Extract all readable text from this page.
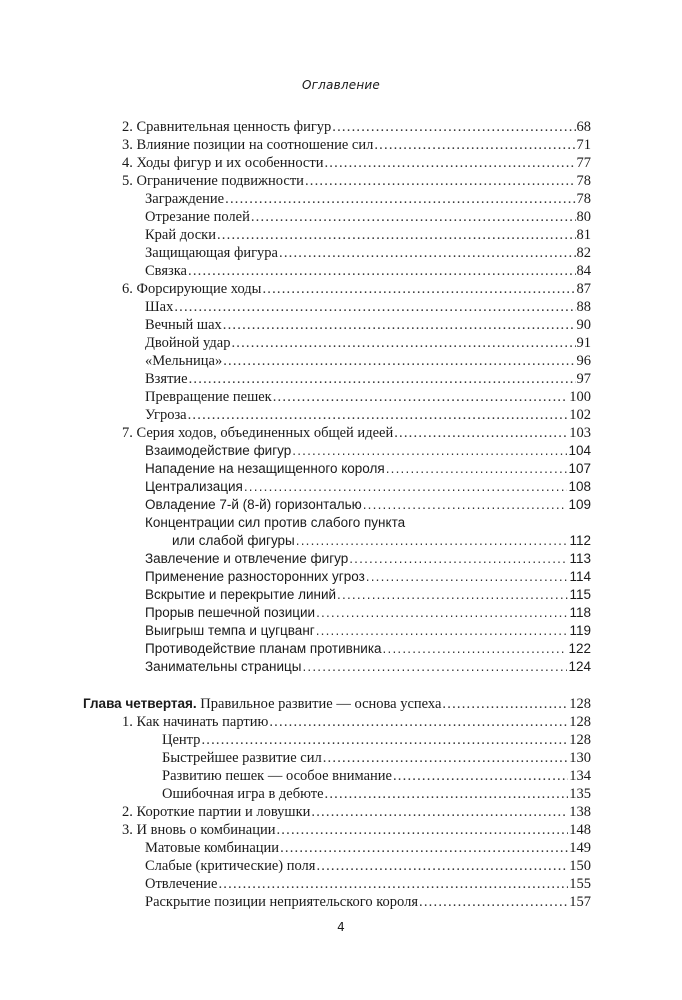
Оглавление
2. Сравнительная ценность фигур .....	68
3. Влияние позиции на соотношение сил .....	71
4. Ходы фигур и их особенности .....	77
5. Ограничение подвижности .....	78
Заграждение .....	78
Отрезание полей .....	80
Край доски .....	81
Защищающая фигура .....	82
Связка .....	84
6. Форсирующие ходы .....	87
Шах .....	88
Вечный шах .....	90
Двойной удар .....	91
«Мельница» .....	96
Взятие .....	97
Превращение пешек .....	100
Угроза .....	102
7. Серия ходов, объединенных общей идеей .....	103
Взаимодействие фигур .....	104
Нападение на незащищенного короля .....	107
Централизация .....	108
Овладение 7-й (8-й) горизонталью .....	109
Концентрации сил против слабого пункта
или слабой фигуры .....	112
Завлечение и отвлечение фигур .....	113
Применение разносторонних угроз .....	114
Вскрытие и перекрытие линий .....	115
Прорыв пешечной позиции .....	118
Выигрыш темпа и цугцванг .....	119
Противодействие планам противника .....	122
Занимательны страницы .....	124
Глава четвертая. Правильное развитие — основа успеха .....	128
1. Как начинать партию .....	128
Центр .....	128
Быстрейшее развитие сил .....	130
Развитию пешек — особое внимание .....	134
Ошибочная игра в дебюте .....	135
2. Короткие партии и ловушки .....	138
3. И вновь о комбинации .....	148
Матовые комбинации .....	149
Слабые (критические) поля .....	150
Отвлечение .....	155
Раскрытие позиции неприятельского короля .....	157
4
